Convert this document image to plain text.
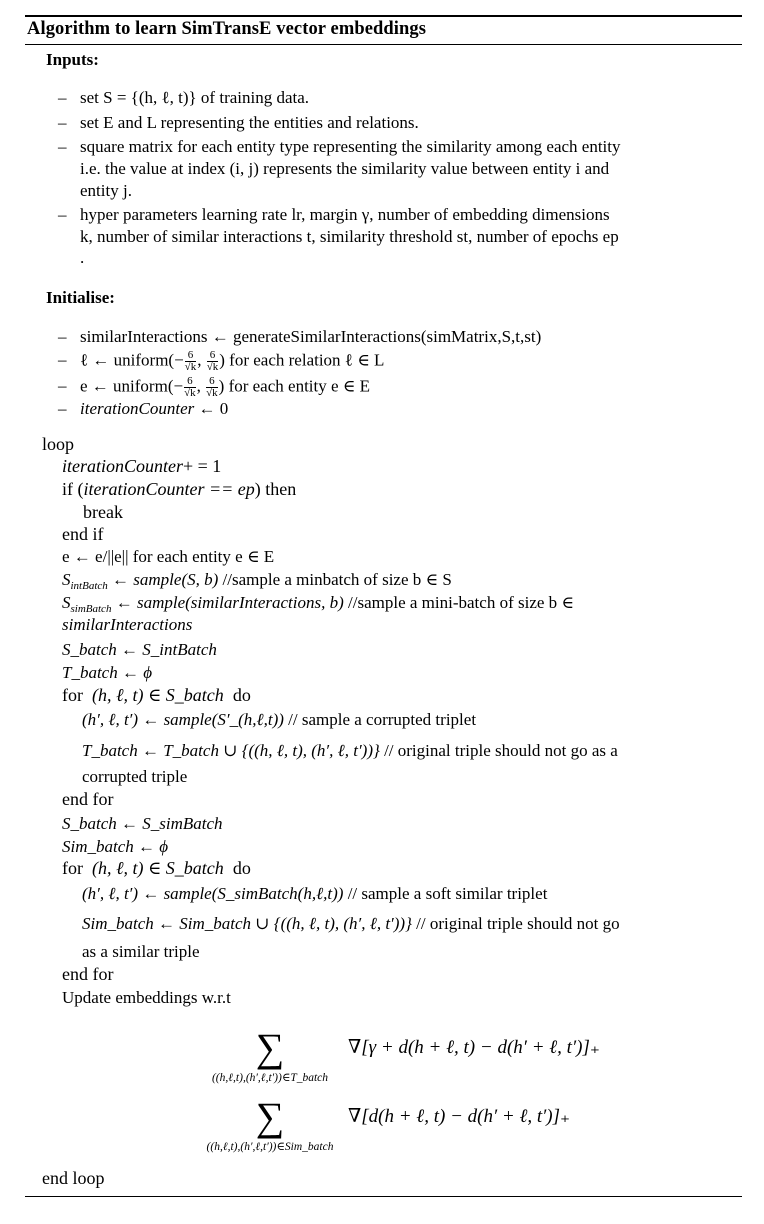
Algorithm to learn SimTransE vector embeddings
Inputs:
– set S = {(h, ℓ, t)} of training data.
– set E and L representing the entities and relations.
– square matrix for each entity type representing the similarity among each entity
i.e. the value at index (i, j) represents the similarity value between entity i and
entity j.
– hyper parameters learning rate lr, margin γ, number of embedding dimensions
k, number of similar interactions t, similarity threshold st, number of epochs ep
.
Initialise:
– similarInteractions ← generateSimilarInteractions(simMatrix,S,t,st)
– ℓ ← uniform(− $\frac{6}{√k}$ , $\frac{6}{√k}$ ) for each relation ℓ ∈ L
– e ← uniform(− $\frac{6}{√k}$ , $\frac{6}{√k}$ ) for each entity e ∈ E
– iterationCounter ← 0
loop
iterationCounter+ = 1
if (iterationCounter == ep) then
break
end if
e ← e/||e|| for each entity e ∈ E
$S_{intBatch}$ ← sample(S, b) //sample a minbatch of size b ∈ S
$S_{simBatch}$ ← sample(similarInteractions, b) //sample a mini-batch of size b ∈
similarInteractions
S_batch ← S_intBatch
T_batch ← ϕ
for (h, ℓ, t) ∈ S_batch do
(h′, ℓ, t′) ← sample(S′_(h,ℓ,t)) // sample a corrupted triplet
T_batch ← T_batch ∪ {((h, ℓ, t), (h′, ℓ, t′))} // original triple should not go as a
corrupted triple
end for
S_batch ← S_simBatch
Sim_batch ← ϕ
for (h, ℓ, t) ∈ S_batch do
(h′, ℓ, t′) ← sample(S_simBatch(h,ℓ,t)) // sample a soft similar triplet
Sim_batch ← Sim_batch ∪ {((h, ℓ, t), (h′, ℓ, t′))} // original triple should not go
as a similar triple
end for
Update embeddings w.r.t
∑
((h,ℓ,t),(h′,ℓ,t′))∈T_batch
∇[γ + d(h + ℓ, t) − d(h′ + ℓ, t′)]₊
∑
((h,ℓ,t),(h′,ℓ,t′))∈Sim_batch
∇[d(h + ℓ, t) − d(h′ + ℓ, t′)]₊
end loop
